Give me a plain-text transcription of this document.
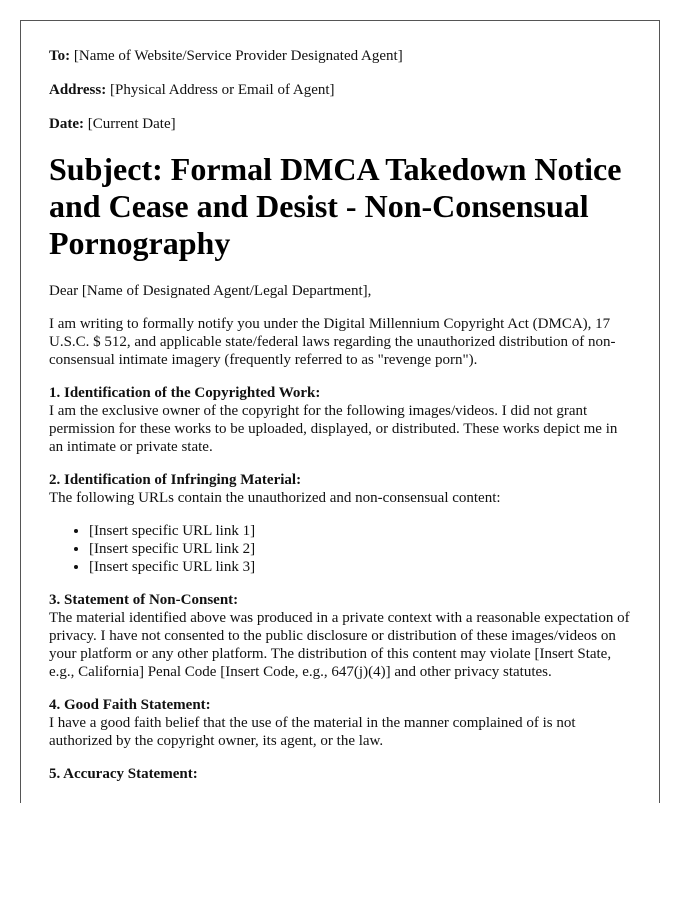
To: [Name of Website/Service Provider Designated Agent]
Address: [Physical Address or Email of Agent]
Date: [Current Date]
Subject: Formal DMCA Takedown Notice and Cease and Desist - Non-Consensual Pornography

Dear [Name of Designated Agent/Legal Department],

I am writing to formally notify you under the Digital Millennium Copyright Act (DMCA), 17 U.S.C. $ 512, and applicable state/federal laws regarding the unauthorized distribution of non-consensual intimate imagery (frequently referred to as "revenge porn").

1. Identification of the Copyrighted Work:
I am the exclusive owner of the copyright for the following images/videos. I did not grant permission for these works to be uploaded, displayed, or distributed. These works depict me in an intimate or private state.
2. Identification of Infringing Material:
The following URLs contain the unauthorized and non-consensual content:
• [Insert specific URL link 1]
• [Insert specific URL link 2]
• [Insert specific URL link 3]
3. Statement of Non-Consent:
The material identified above was produced in a private context with a reasonable expectation of privacy. I have not consented to the public disclosure or distribution of these images/videos on your platform or any other platform. The distribution of this content may violate [Insert State, e.g., California] Penal Code [Insert Code, e.g., 647(j)(4)] and other privacy statutes.
4. Good Faith Statement:
I have a good faith belief that the use of the material in the manner complained of is not authorized by the copyright owner, its agent, or the law.
5. Accuracy Statement:
